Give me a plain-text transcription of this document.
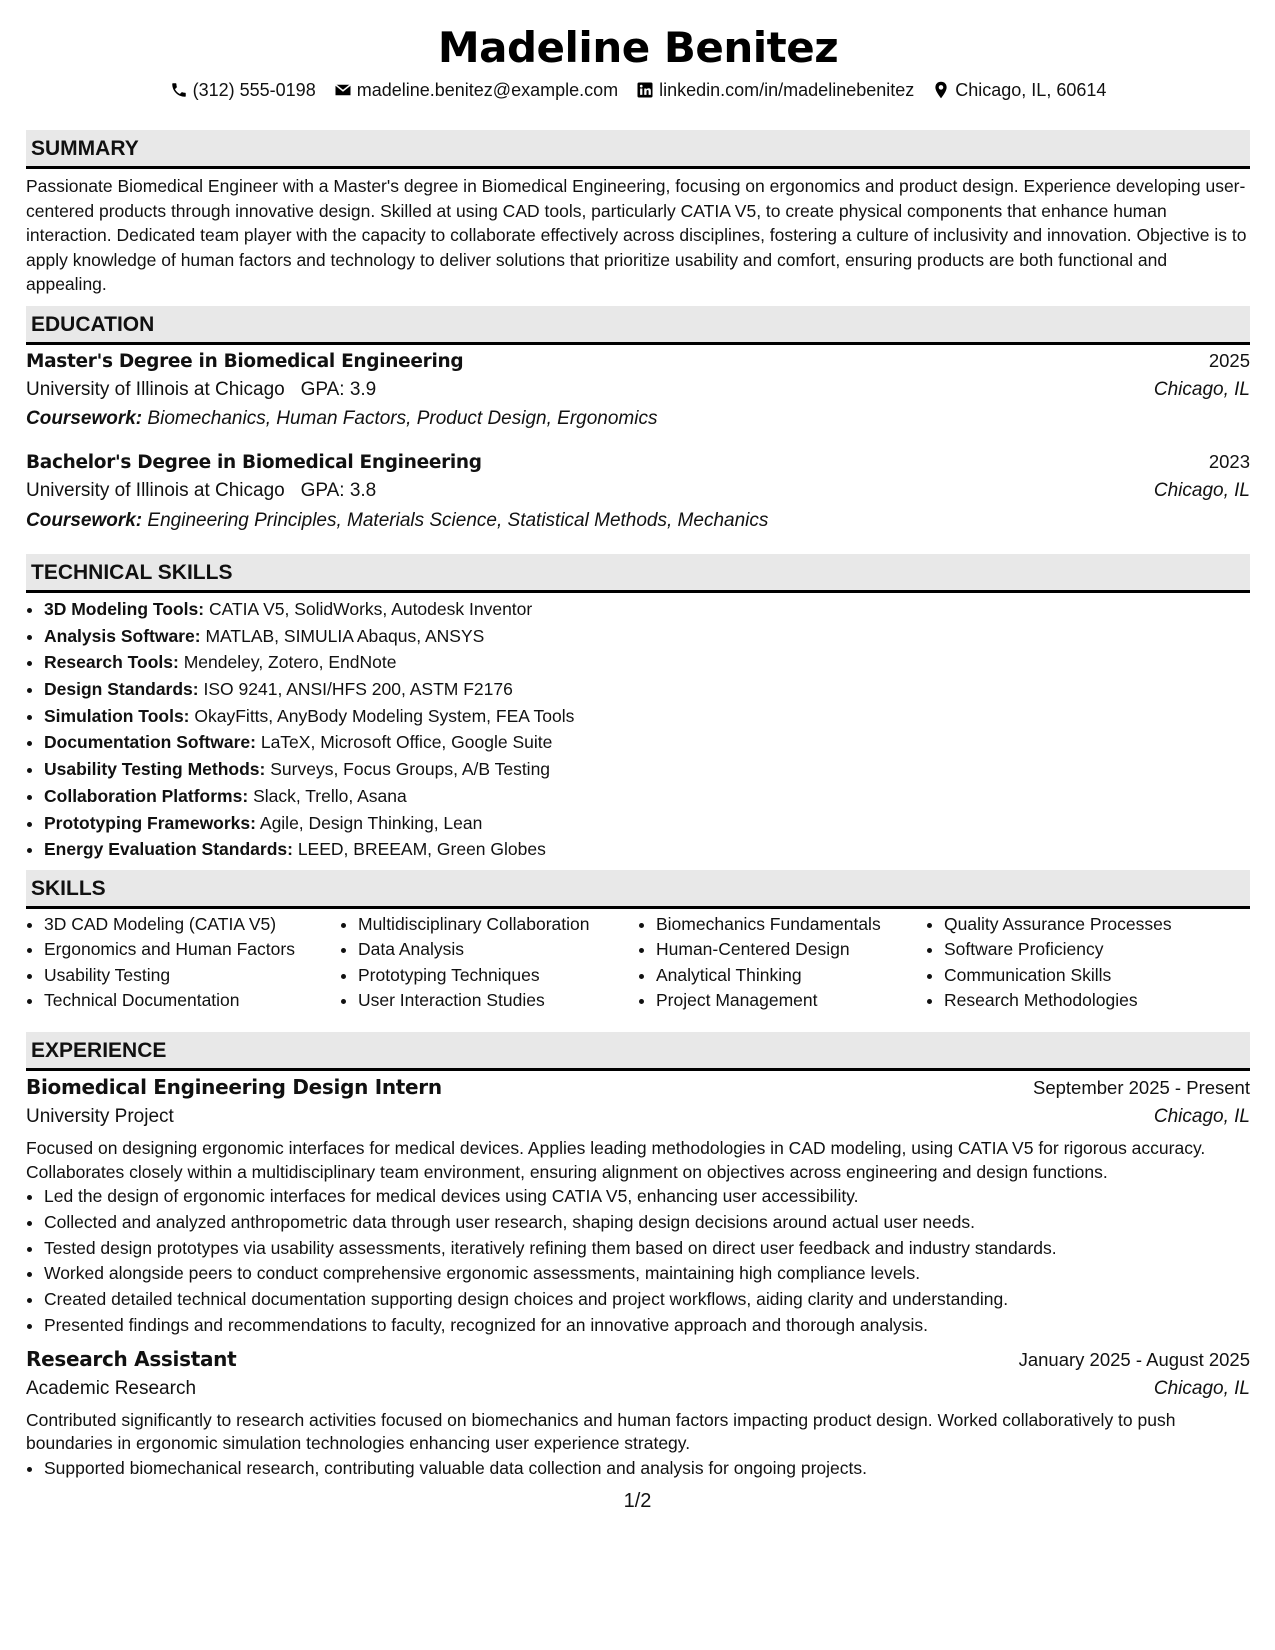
Madeline Benitez
(312) 555-0198 madeline.benitez@example.com linkedin.com/in/madelinebenitez Chicago, IL, 60614
SUMMARY
Passionate Biomedical Engineer with a Master's degree in Biomedical Engineering, focusing on ergonomics and product design. Experience developing user-centered products through innovative design. Skilled at using CAD tools, particularly CATIA V5, to create physical components that enhance human interaction. Dedicated team player with the capacity to collaborate effectively across disciplines, fostering a culture of inclusivity and innovation. Objective is to apply knowledge of human factors and technology to deliver solutions that prioritize usability and comfort, ensuring products are both functional and appealing.
EDUCATION
Master's Degree in Biomedical Engineering	2025
University of Illinois at Chicago GPA: 3.9	Chicago, IL
Coursework: Biomechanics, Human Factors, Product Design, Ergonomics
Bachelor's Degree in Biomedical Engineering	2023
University of Illinois at Chicago GPA: 3.8	Chicago, IL
Coursework: Engineering Principles, Materials Science, Statistical Methods, Mechanics
TECHNICAL SKILLS
• 3D Modeling Tools: CATIA V5, SolidWorks, Autodesk Inventor
• Analysis Software: MATLAB, SIMULIA Abaqus, ANSYS
• Research Tools: Mendeley, Zotero, EndNote
• Design Standards: ISO 9241, ANSI/HFS 200, ASTM F2176
• Simulation Tools: OkayFitts, AnyBody Modeling System, FEA Tools
• Documentation Software: LaTeX, Microsoft Office, Google Suite
• Usability Testing Methods: Surveys, Focus Groups, A/B Testing
• Collaboration Platforms: Slack, Trello, Asana
• Prototyping Frameworks: Agile, Design Thinking, Lean
• Energy Evaluation Standards: LEED, BREEAM, Green Globes
SKILLS
• 3D CAD Modeling (CATIA V5)
• Ergonomics and Human Factors
• Usability Testing
• Technical Documentation
• Multidisciplinary Collaboration
• Data Analysis
• Prototyping Techniques
• User Interaction Studies
• Biomechanics Fundamentals
• Human-Centered Design
• Analytical Thinking
• Project Management
• Quality Assurance Processes
• Software Proficiency
• Communication Skills
• Research Methodologies
EXPERIENCE
Biomedical Engineering Design Intern	September 2025 - Present
University Project	Chicago, IL
Focused on designing ergonomic interfaces for medical devices. Applies leading methodologies in CAD modeling, using CATIA V5 for rigorous accuracy. Collaborates closely within a multidisciplinary team environment, ensuring alignment on objectives across engineering and design functions.
• Led the design of ergonomic interfaces for medical devices using CATIA V5, enhancing user accessibility.
• Collected and analyzed anthropometric data through user research, shaping design decisions around actual user needs.
• Tested design prototypes via usability assessments, iteratively refining them based on direct user feedback and industry standards.
• Worked alongside peers to conduct comprehensive ergonomic assessments, maintaining high compliance levels.
• Created detailed technical documentation supporting design choices and project workflows, aiding clarity and understanding.
• Presented findings and recommendations to faculty, recognized for an innovative approach and thorough analysis.
Research Assistant	January 2025 - August 2025
Academic Research	Chicago, IL
Contributed significantly to research activities focused on biomechanics and human factors impacting product design. Worked collaboratively to push boundaries in ergonomic simulation technologies enhancing user experience strategy.
• Supported biomechanical research, contributing valuable data collection and analysis for ongoing projects.
1/2
